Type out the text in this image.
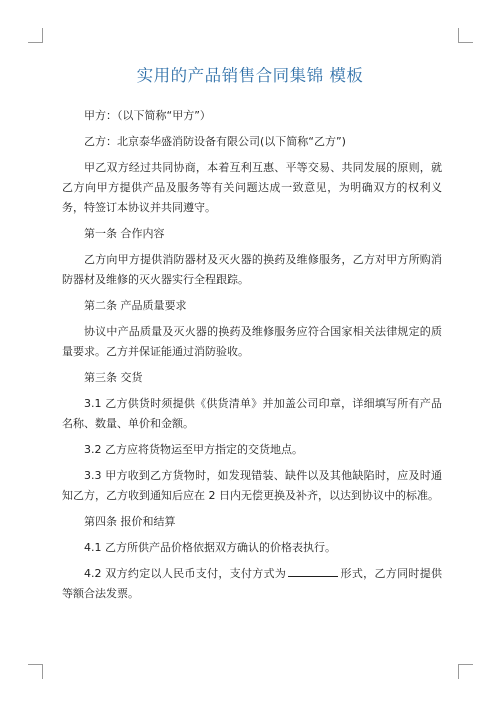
实用的产品销售合同集锦 模板

甲方：（以下简称“甲方”）

乙方：北京泰华盛消防设备有限公司(以下简称“乙方”)

甲乙双方经过共同协商，本着互利互惠、平等交易、共同发展的原则，就乙方向甲方提供产品及服务等有关问题达成一致意见，为明确双方的权利义务，特签订本协议并共同遵守。

第一条 合作内容

乙方向甲方提供消防器材及灭火器的换药及维修服务，乙方对甲方所购消防器材及维修的灭火器实行全程跟踪。

第二条 产品质量要求

协议中产品质量及灭火器的换药及维修服务应符合国家相关法律规定的质量要求。乙方并保证能通过消防验收。

第三条 交货

3.1 乙方供货时须提供《供货清单》并加盖公司印章，详细填写所有产品名称、数量、单价和金额。

3.2 乙方应将货物运至甲方指定的交货地点。

3.3 甲方收到乙方货物时，如发现错装、缺件以及其他缺陷时，应及时通知乙方，乙方收到通知后应在 2 日内无偿更换及补齐，以达到协议中的标准。

第四条 报价和结算

4.1 乙方所供产品价格依据双方确认的价格表执行。

4.2 双方约定以人民币支付，支付方式为	形式，乙方同时提供等额合法发票。
